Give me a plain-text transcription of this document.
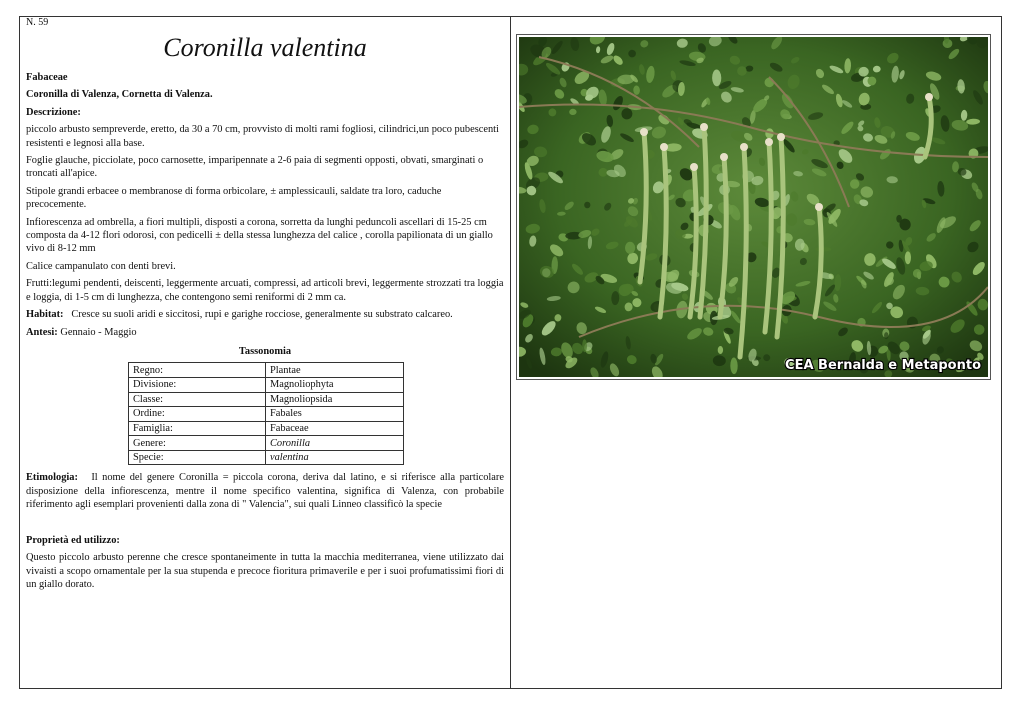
N. 59
Coronilla valentina

Fabaceae

Coronilla di Valenza, Cornetta di Valenza.

Descrizione:

piccolo arbusto sempreverde, eretto, da 30 a 70 cm, provvisto di molti rami fogliosi, cilindrici,un poco pubescenti resistenti e legnosi alla base.

Foglie glauche, picciolate, poco carnosette, imparipennate a 2-6 paia di segmenti opposti, obvati, smarginati o troncati all'apice.

Stipole grandi erbacee o membranose di forma orbicolare, ± amplessicauli, saldate tra loro, caduche precocemente.

Infiorescenza ad ombrella, a fiori multipli, disposti a corona, sorretta da lunghi peduncoli ascellari di 15-25 cm composta da 4-12 flori odorosi, con pedicelli ± della stessa lunghezza del calice , corolla papilionata di un giallo vivo di 8-12 mm

Calice campanulato con denti brevi.

Frutti:legumi pendenti, deiscenti, leggermente arcuati, compressi, ad articoli brevi, leggermente strozzati tra loggia e loggia, di 1-5 cm di lunghezza, che contengono semi reniformi di 2 mm ca.

Habitat: Cresce su suoli aridi e siccitosi, rupi e garighe rocciose, generalmente su substrato calcareo.

Antesi: Gennaio - Maggio

Tassonomia
Regno:	Plantae
Divisione:	Magnoliophyta
Classe:	Magnoliopsida
Ordine:	Fabales
Famiglia:	Fabaceae
Genere:	Coronilla
Specie:	valentina

Etimologia: Il nome del genere Coronilla = piccola corona, deriva dal latino, e si riferisce alla particolare disposizione della infiorescenza, mentre il nome specifico valentina, significa di Valenza, con probabile riferimento agli esemplari provenienti dalla zona di " Valencia", sui quali Linneo classificò la specie

Proprietà ed utilizzo:

Questo piccolo arbusto perenne che cresce spontaneimente in tutta la macchia mediterranea, viene utilizzato dai vivaisti a scopo ornamentale per la sua stupenda e precoce fioritura primaverile e per i suoi profumatissimi fiori di un giallo dorato.

CEA Bernalda e Metaponto
